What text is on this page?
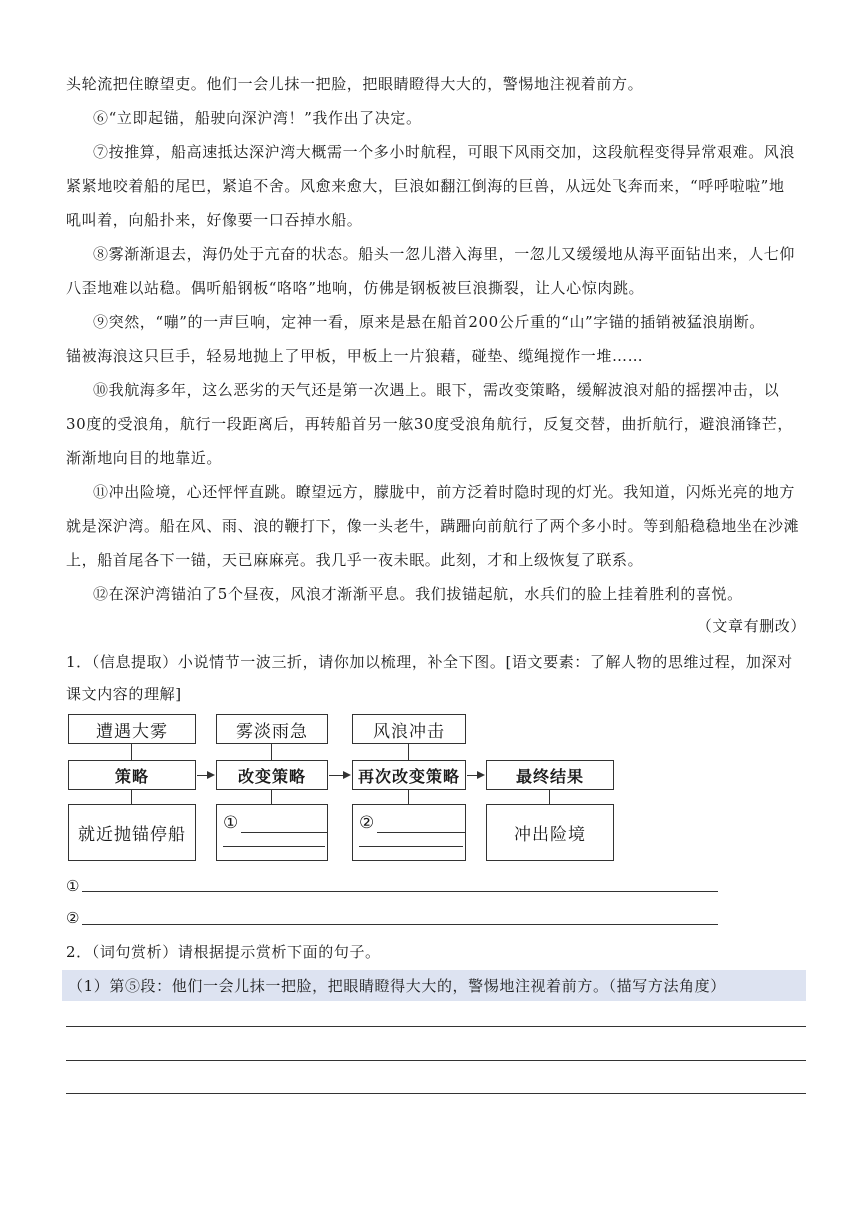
头轮流把住瞭望吏。他们一会儿抹一把脸，把眼睛瞪得大大的，警惕地注视着前方。
⑥“立即起锚，船驶向深沪湾！”我作出了决定。
⑦按推算，船高速抵达深沪湾大概需一个多小时航程，可眼下风雨交加，这段航程变得异常艰难。风浪
紧紧地咬着船的尾巴，紧追不舍。风愈来愈大，巨浪如翻江倒海的巨兽，从远处飞奔而来，“呼呼啦啦”地
吼叫着，向船扑来，好像要一口吞掉水船。
⑧雾渐渐退去，海仍处于亢奋的状态。船头一忽儿潜入海里，一忽儿又缓缓地从海平面钻出来，人七仰
八歪地难以站稳。偶听船钢板“咯咯”地响，仿佛是钢板被巨浪撕裂，让人心惊肉跳。
⑨突然，“嘣”的一声巨响，定神一看，原来是悬在船首200公斤重的“山”字锚的插销被猛浪崩断。
锚被海浪这只巨手，轻易地抛上了甲板，甲板上一片狼藉，碰垫、缆绳搅作一堆……
⑩我航海多年，这么恶劣的天气还是第一次遇上。眼下，需改变策略，缓解波浪对船的摇摆冲击，以
30度的受浪角，航行一段距离后，再转船首另一舷30度受浪角航行，反复交替，曲折航行，避浪涌锋芒，
渐渐地向目的地靠近。
⑪冲出险境，心还怦怦直跳。瞭望远方，朦胧中，前方泛着时隐时现的灯光。我知道，闪烁光亮的地方
就是深沪湾。船在风、雨、浪的鞭打下，像一头老牛，蹒跚向前航行了两个多小时。等到船稳稳地坐在沙滩
上，船首尾各下一锚，天已麻麻亮。我几乎一夜未眠。此刻，才和上级恢复了联系。
⑫在深沪湾锚泊了5个昼夜，风浪才渐渐平息。我们拔锚起航，水兵们的脸上挂着胜利的喜悦。
（文章有删改）
1．（信息提取）小说情节一波三折，请你加以梳理，补全下图。[语文要素：了解人物的思维过程，加深对
课文内容的理解]
遭遇大雾	雾淡雨急	风浪冲击
策略	改变策略	再次改变策略	最终结果
就近抛锚停船
①	②
冲出险境
①
②
2．（词句赏析）请根据提示赏析下面的句子。
（1）第⑤段：他们一会儿抹一把脸，把眼睛瞪得大大的，警惕地注视着前方。（描写方法角度）
